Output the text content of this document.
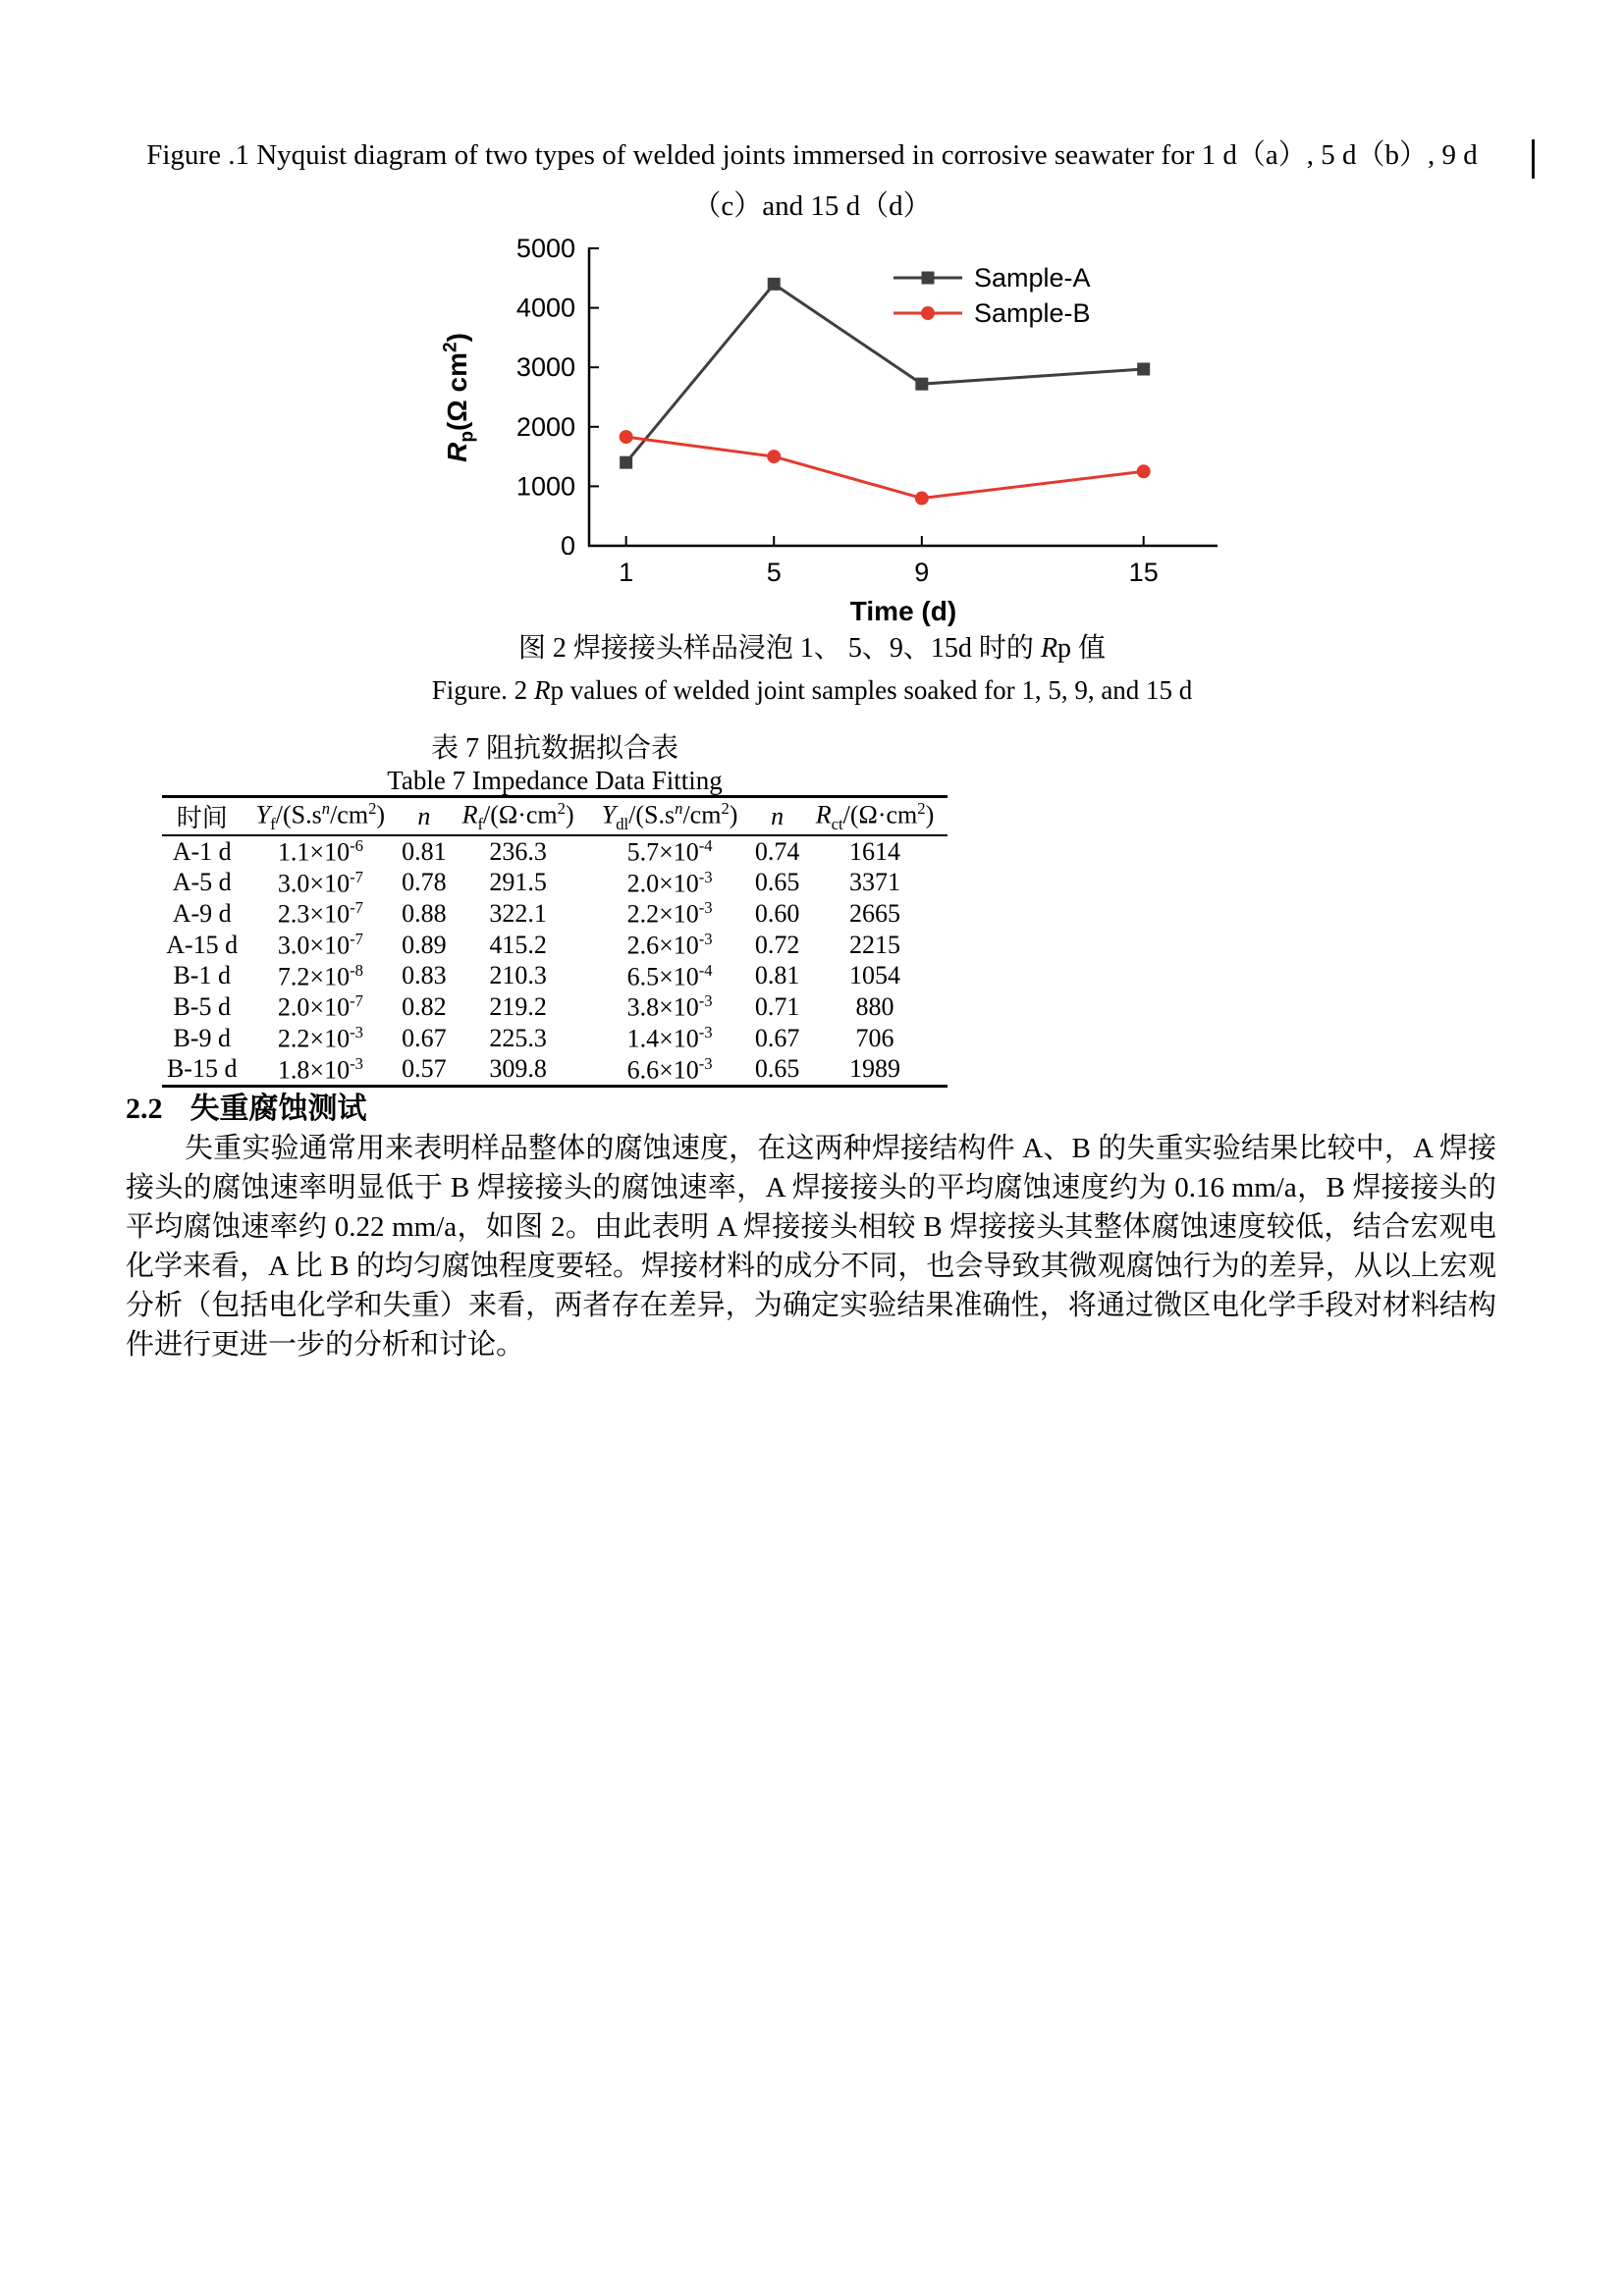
Figure .1 Nyquist diagram of two types of welded joints immersed in corrosive seawater for 1 d（a）, 5 d（b）, 9 d
（c）and 15 d（d）
0
1000
2000
3000
4000
5000
1	5	9	15
$R_p(\Omega$ $cm^2$)
Time (d)
Sample-A
Sample-B
图 2 焊接接头样品浸泡 1、 5、9、15d 时的 Rp 值
Figure. 2 Rp values of welded joint samples soaked for 1, 5, 9, and 15 d
表 7 阻抗数据拟合表
Table 7 Impedance Data Fitting
时间	$Y_f/(S.s^n/cm^2)$	n	$R_f/(\Omega\cdot cm^2)$	$Y_{dl}/(S.s^n/cm^2)$	n	$R_{ct}/(\Omega\cdot cm^2)$
A-1 d	$1.1\times 10^{-6}$	0.81	236.3	$5.7\times 10^{-4}$	0.74	1614
A-5 d	$3.0\times 10^{-7}$	0.78	291.5	$2.0\times 10^{-3}$	0.65	3371
A-9 d	$2.3\times 10^{-7}$	0.88	322.1	$2.2\times 10^{-3}$	0.60	2665
A-15 d	$3.0\times 10^{-7}$	0.89	415.2	$2.6\times 10^{-3}$	0.72	2215
B-1 d	$7.2\times 10^{-8}$	0.83	210.3	$6.5\times 10^{-4}$	0.81	1054
B-5 d	$2.0\times 10^{-7}$	0.82	219.2	$3.8\times 10^{-3}$	0.71	880
B-9 d	$2.2\times 10^{-3}$	0.67	225.3	$1.4\times 10^{-3}$	0.67	706
B-15 d	$1.8\times 10^{-3}$	0.57	309.8	$6.6\times 10^{-3}$	0.65	1989
2.2 失重腐蚀测试
失重实验通常用来表明样品整体的腐蚀速度，在这两种焊接结构件 A、B 的失重实验结果比较中，A 焊接接头的腐蚀速率明显低于 B 焊接接头的腐蚀速率，A 焊接接头的平均腐蚀速度约为 0.16 mm/a，B 焊接接头的平均腐蚀速率约 0.22 mm/a，如图 2。由此表明 A 焊接接头相较 B 焊接接头其整体腐蚀速度较低，结合宏观电化学来看，A 比 B 的均匀腐蚀程度要轻。焊接材料的成分不同，也会导致其微观腐蚀行为的差异，从以上宏观分析（包括电化学和失重）来看，两者存在差异，为确定实验结果准确性，将通过微区电化学手段对材料结构件进行更进一步的分析和讨论。
